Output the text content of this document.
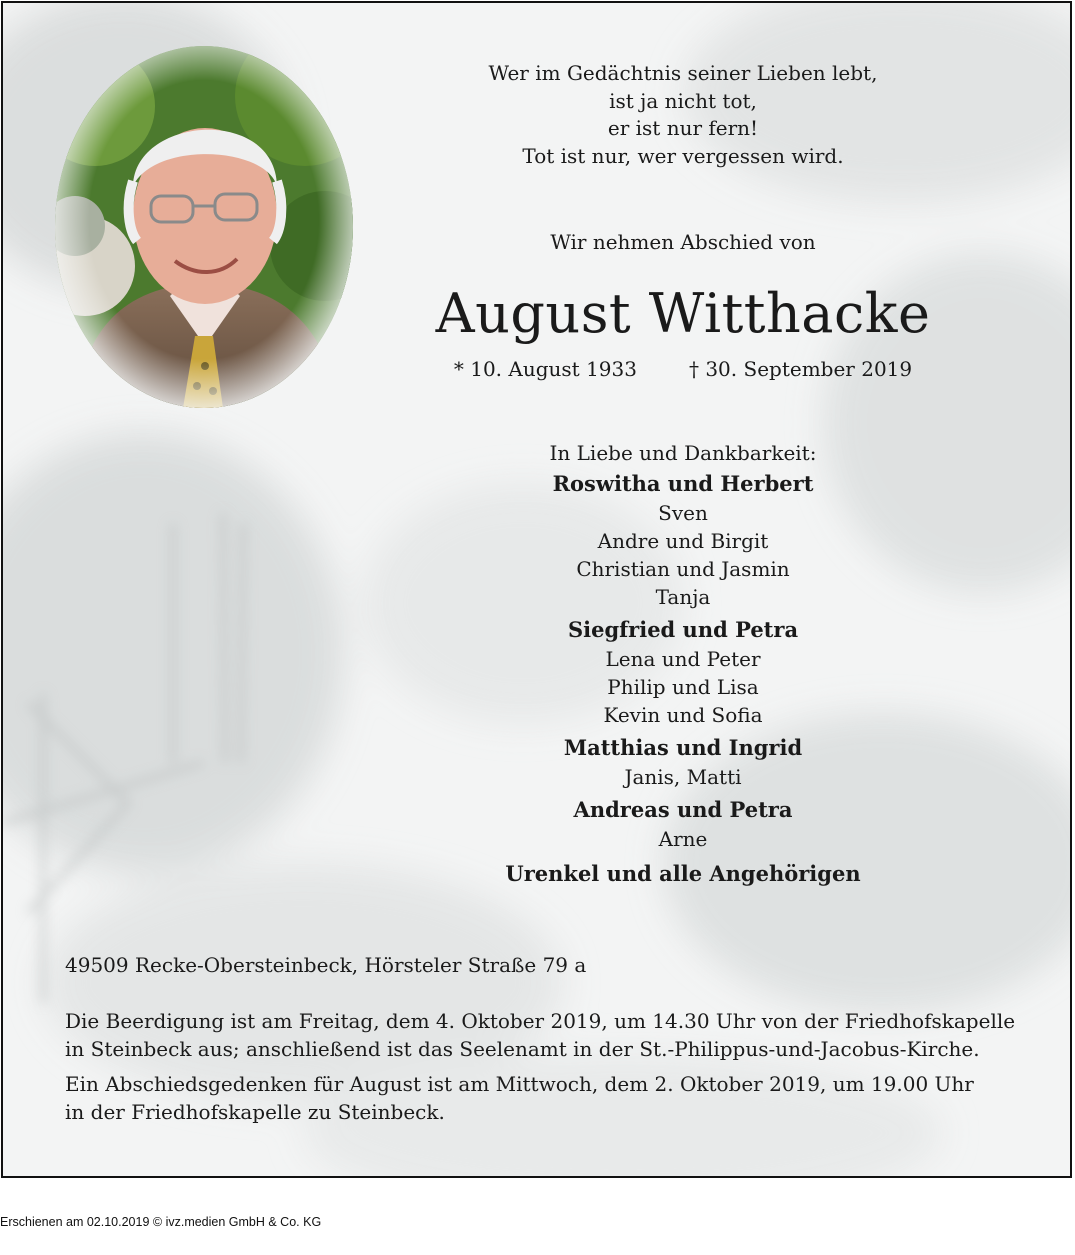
Wer im Gedächtnis seiner Lieben lebt,
ist ja nicht tot,
er ist nur fern!
Tot ist nur, wer vergessen wird.
Wir nehmen Abschied von
August Witthacke
* 10. August 1933	† 30. September 2019
In Liebe und Dankbarkeit:
Roswitha und Herbert
Sven
Andre und Birgit
Christian und Jasmin
Tanja
Siegfried und Petra
Lena und Peter
Philip und Lisa
Kevin und Sofia
Matthias und Ingrid
Janis, Matti
Andreas und Petra
Arne
Urenkel und alle Angehörigen
49509 Recke-Obersteinbeck, Hörsteler Straße 79 a
Die Beerdigung ist am Freitag, dem 4. Oktober 2019, um 14.30 Uhr von der Friedhofskapelle
in Steinbeck aus; anschließend ist das Seelenamt in der St.-Philippus-und-Jacobus-Kirche.
Ein Abschiedsgedenken für August ist am Mittwoch, dem 2. Oktober 2019, um 19.00 Uhr
in der Friedhofskapelle zu Steinbeck.
Erschienen am 02.10.2019 © ivz.medien GmbH & Co. KG
